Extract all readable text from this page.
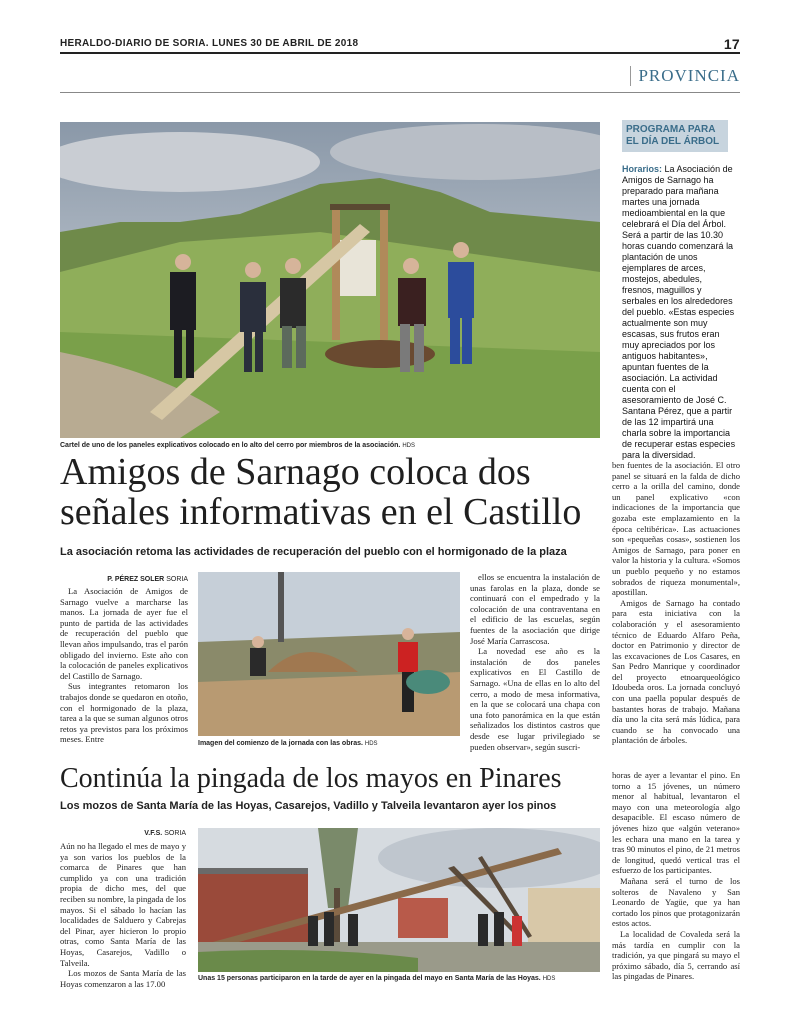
HERALDO-DIARIO DE SORIA. LUNES 30 DE ABRIL DE 2018	17
PROVINCIA
Cartel de uno de los paneles explicativos colocado en lo alto del cerro por miembros de la asociación. HDS
PROGRAMA PARA EL DÍA DEL ÁRBOL
Horarios: La Asociación de Amigos de Sarnago ha preparado para mañana martes una jornada medioambiental en la que celebrará el Día del Árbol. Será a partir de las 10.30 horas cuando comenzará la plantación de unos ejemplares de arces, mostejos, abedules, fresnos, maguillos y serbales en los alrededores del pueblo. «Estas especies actualmente son muy escasas, sus frutos eran muy apreciados por los antiguos habitantes», apuntan fuentes de la asociación. La actividad cuenta con el asesoramiento de José C. Santana Pérez, que a partir de las 12 impartirá una charla sobre la importancia de recuperar estas especies para la diversidad.
Amigos de Sarnago coloca dos señales informativas en el Castillo
La asociación retoma las actividades de recuperación del pueblo con el hormigonado de la plaza
P. PÉREZ SOLER SORIA

La Asociación de Amigos de Sarnago vuelve a marcharse las manos. La jornada de ayer fue el punto de partida de las actividades de recuperación del pueblo que llevan años impulsando, tras el parón obligado del invierno. Este año con la colocación de paneles explicativos del Castillo de Sarnago.

Sus integrantes retomaron los trabajos donde se quedaron en otoño, con el hormigonado de la plaza, tarea a la que se suman algunos otros retos ya previstos para los próximos meses. Entre	Imagen del comienzo de la jornada con las obras. HDS

ellos se encuentra la instalación de unas farolas en la plaza, donde se continuará con el empedrado y la colocación de una contraventana en el edificio de las escuelas, según fuentes de la asociación que dirige José María Carrascosa.

La novedad ese año es la instalación de dos paneles explicativos en El Castillo de Sarnago. «Una de ellas en lo alto del cerro, a modo de mesa informativa, en la que se colocará una chapa con una foto panorámica en la que están señalizados los distintos castros que desde ese lugar privilegiado se pueden observar», según suscri-

ben fuentes de la asociación. El otro panel se situará en la falda de dicho cerro a la orilla del camino, donde un panel explicativo «con indicaciones de la importancia que gozaba este emplazamiento en la época celtibérica». Las actuaciones son «pequeñas cosas», sostienen los Amigos de Sarnago, para poner en valor la historia y la cultura. «Somos un pueblo pequeño y no estamos sobrados de riqueza monumental», apostillan.

Amigos de Sarnago ha contado para esta iniciativa con la colaboración y el asesoramiento técnico de Eduardo Alfaro Peña, doctor en Patrimonio y director de las excavaciones de Los Casares, en San Pedro Manrique y coordinador del proyecto etnoarqueológico Idoubeda oros. La jornada concluyó con una paella popular después de bastantes horas de trabajo. Mañana día uno la cita será más lúdica, para cuando se ha convocado una plantación de árboles.

Continúa la pingada de los mayos en Pinares
Los mozos de Santa María de las Hoyas, Casarejos, Vadillo y Talveila levantaron ayer los pinos
V.F.S. SORIA

Aún no ha llegado el mes de mayo y ya son varios los pueblos de la comarca de Pinares que han cumplido ya con una tradición propia de dicho mes, del que reciben su nombre, la pingada de los mayos. Si el sábado lo hacían las localidades de Salduero y Cabrejas del Pinar, ayer hicieron lo propio otras, como Santa María de las Hoyas, Casarejos, Vadillo o Talveila.

Los mozos de Santa María de las Hoyas comenzaron a las 17.00

Unas 15 personas participaron en la tarde de ayer en la pingada del mayo en Santa María de las Hoyas. HDS

horas de ayer a levantar el pino. En torno a 15 jóvenes, un número menor al habitual, levantaron el mayo con una meteorología algo desapacible. El escaso número de jóvenes hizo que «algún veterano» les echara una mano en la tarea y tras 90 minutos el pino, de 21 metros de longitud, quedó vertical tras el esfuerzo de los participantes.

Mañana será el turno de los solteros de Navaleno y San Leonardo de Yagüe, que ya han cortado los pinos que protagonizarán estos actos.

La localidad de Covaleda será la más tardía en cumplir con la tradición, ya que pingará su mayo el próximo sábado, día 5, cerrando así las pingadas de Pinares.
